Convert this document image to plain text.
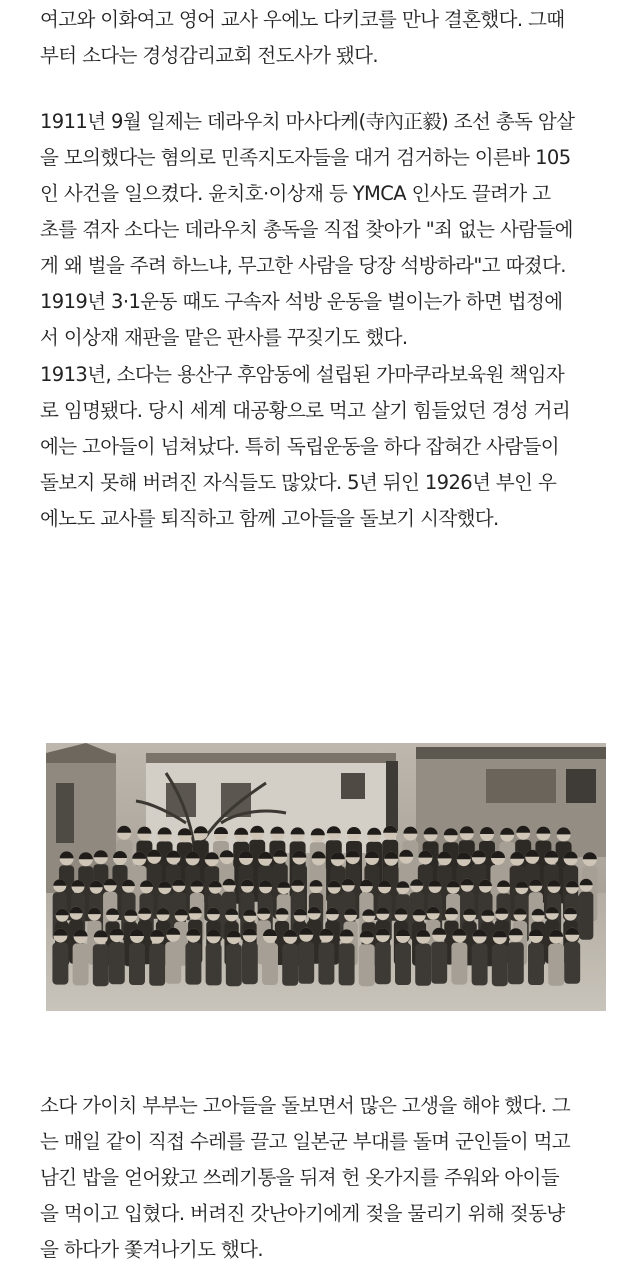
여고와 이화여고 영어 교사 우에노 다키코를 만나 결혼했다. 그때
부터 소다는 경성감리교회 전도사가 됐다.

1911년 9월 일제는 데라우치 마사다케(寺內正毅) 조선 총독 암살
을 모의했다는 혐의로 민족지도자들을 대거 검거하는 이른바 105
인 사건을 일으켰다. 윤치호·이상재 등 YMCA 인사도 끌려가 고
초를 겪자 소다는 데라우치 총독을 직접 찾아가 "죄 없는 사람들에
게 왜 벌을 주려 하느냐, 무고한 사람을 당장 석방하라"고 따졌다.
1919년 3·1운동 때도 구속자 석방 운동을 벌이는가 하면 법정에
서 이상재 재판을 맡은 판사를 꾸짖기도 했다.

1913년, 소다는 용산구 후암동에 설립된 가마쿠라보육원 책임자
로 임명됐다. 당시 세계 대공황으로 먹고 살기 힘들었던 경성 거리
에는 고아들이 넘쳐났다. 특히 독립운동을 하다 잡혀간 사람들이
돌보지 못해 버려진 자식들도 많았다. 5년 뒤인 1926년 부인 우
에노도 교사를 퇴직하고 함께 고아들을 돌보기 시작했다.

소다 가이치 부부는 고아들을 돌보면서 많은 고생을 해야 했다. 그
는 매일 같이 직접 수레를 끌고 일본군 부대를 돌며 군인들이 먹고
남긴 밥을 얻어왔고 쓰레기통을 뒤져 헌 옷가지를 주워와 아이들
을 먹이고 입혔다. 버려진 갓난아기에게 젖을 물리기 위해 젖동냥
을 하다가 쫓겨나기도 했다.
